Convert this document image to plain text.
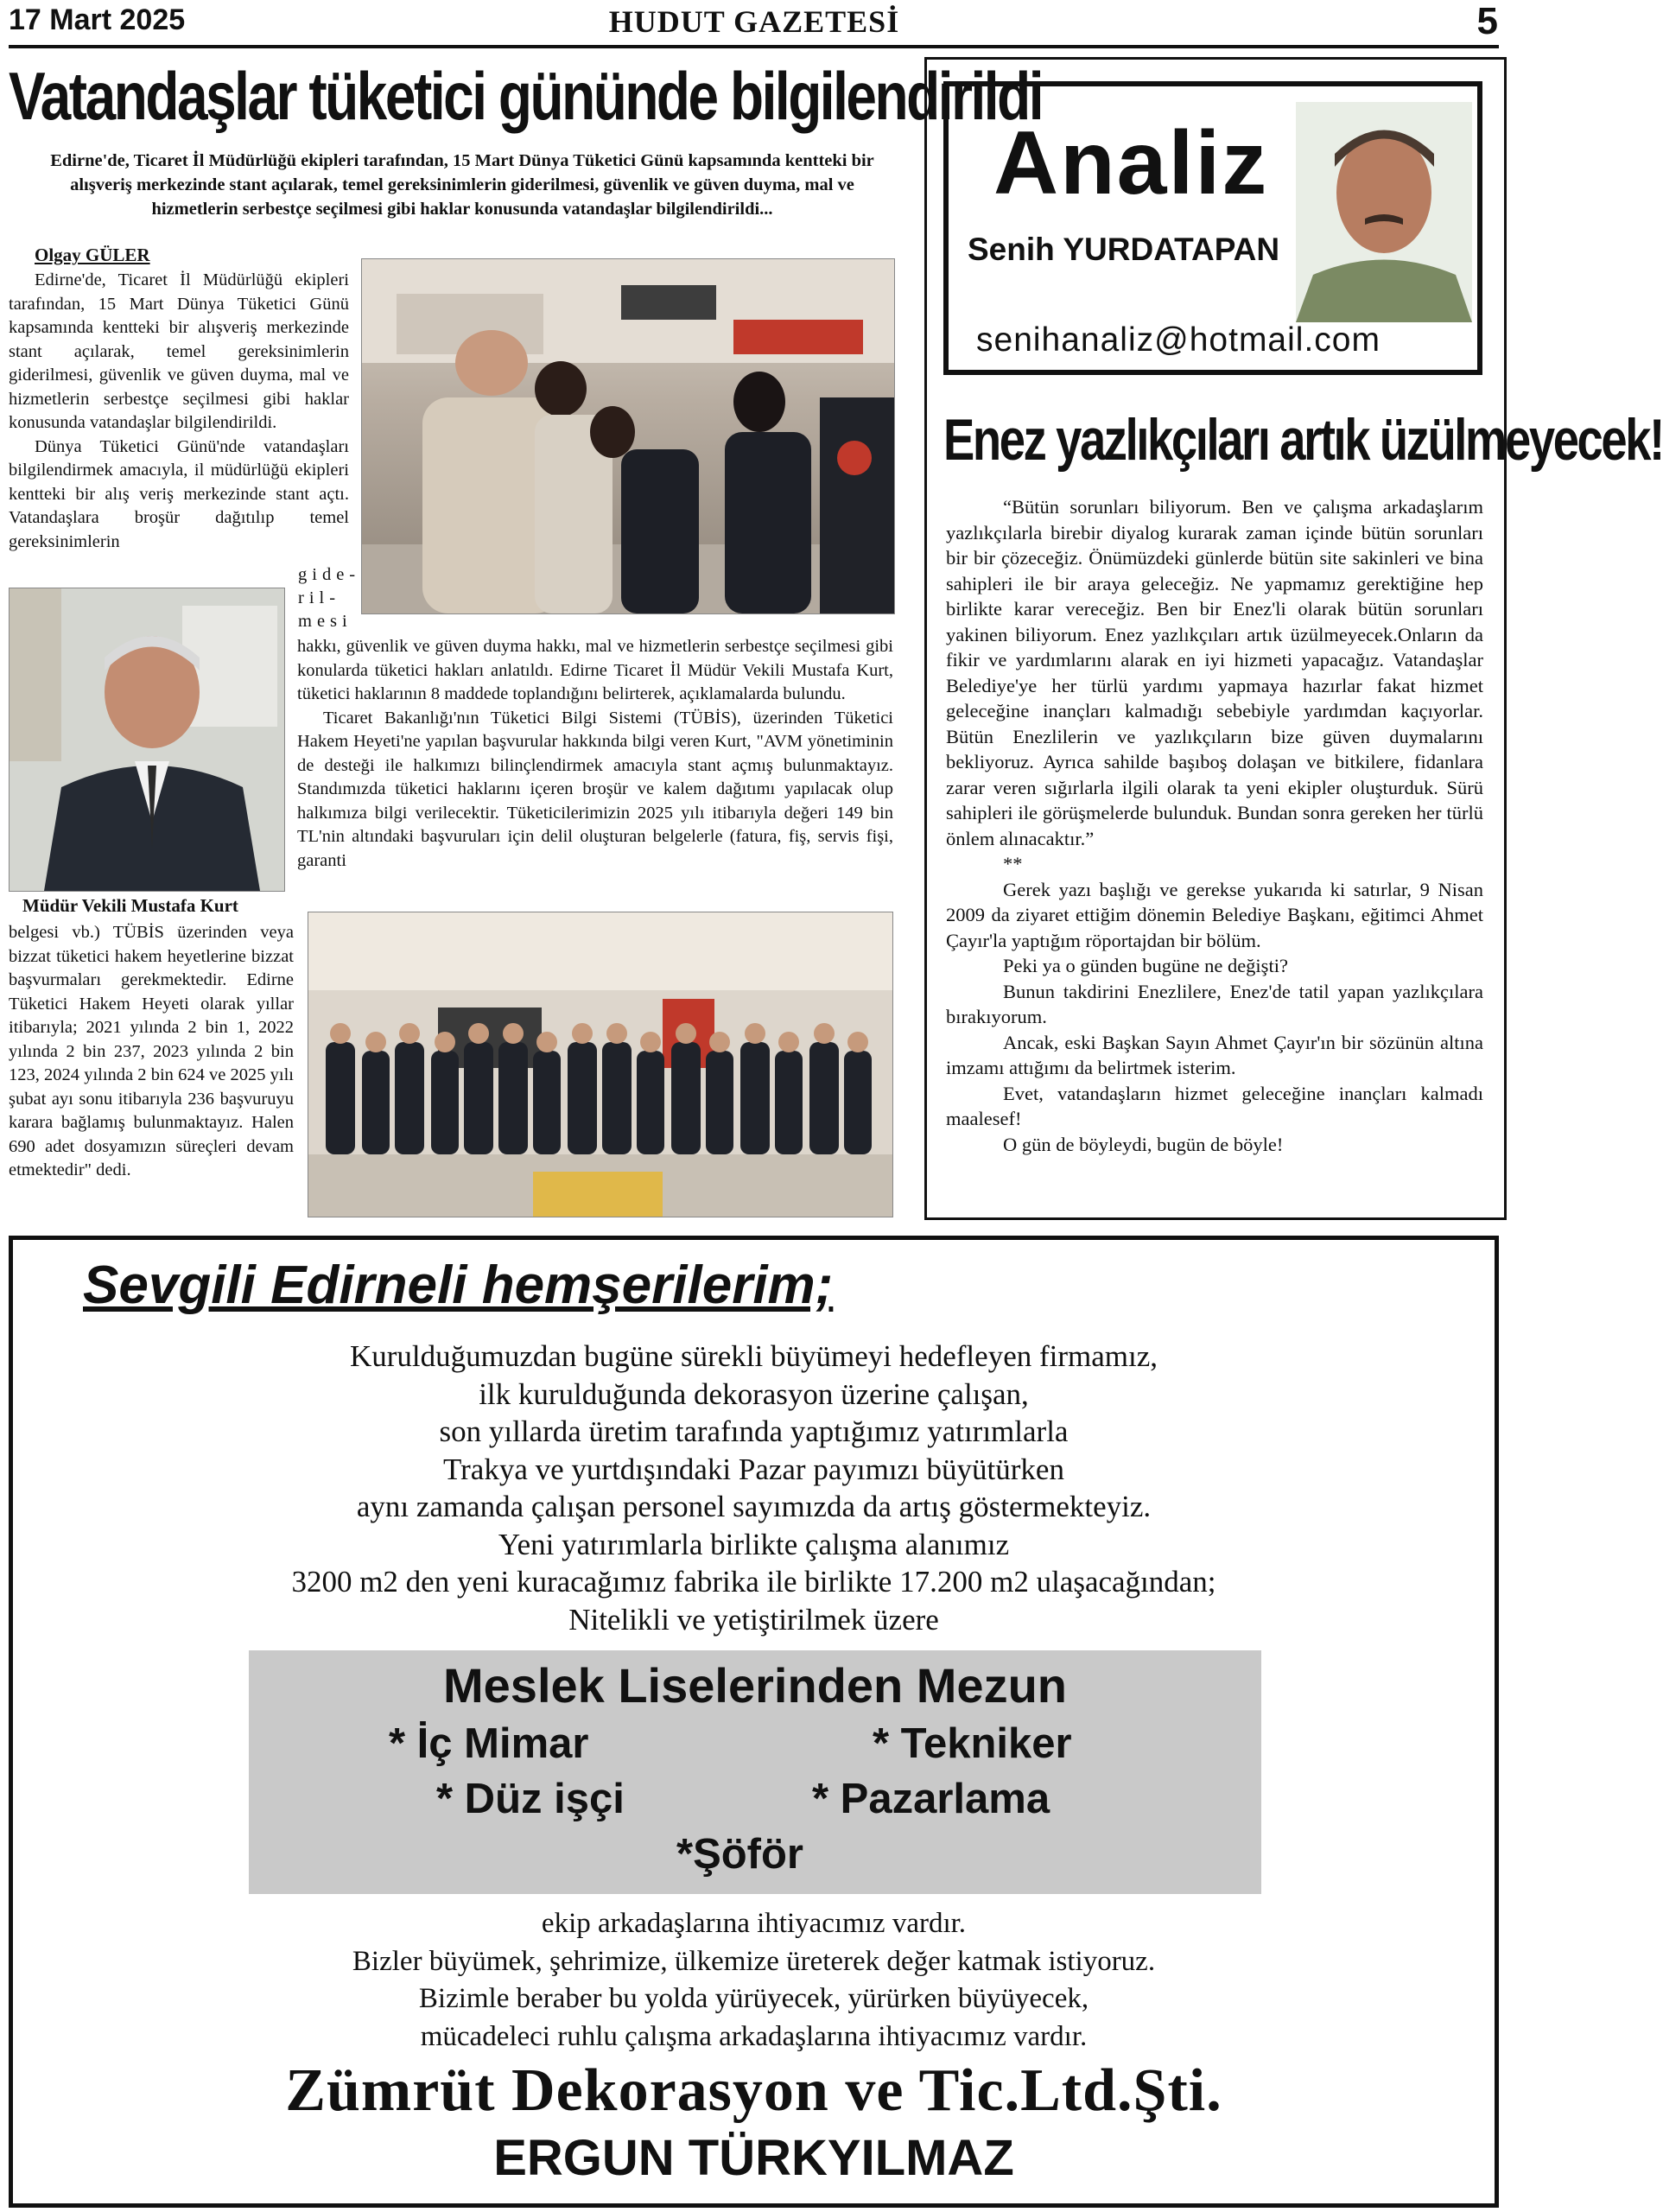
17 Mart 2025	HUDUT GAZETESİ	5
Vatandaşlar tüketici gününde bilgilendirildi
Edirne'de, Ticaret İl Müdürlüğü ekipleri tarafından, 15 Mart Dünya Tüketici Günü kapsamında kentteki bir alışveriş merkezinde stant açılarak, temel gereksinimlerin giderilmesi, güvenlik ve güven duyma, mal ve hizmetlerin serbestçe seçilmesi gibi haklar konusunda vatandaşlar bilgilendirildi...
Olgay GÜLER

Edirne'de, Ticaret İl Müdürlüğü ekipleri tarafından, 15 Mart Dünya Tüketici Günü kapsamında kentteki bir alışveriş merkezinde stant açılarak, temel gereksinimlerin giderilmesi, güvenlik ve güven duyma, mal ve hizmetlerin serbestçe seçilmesi gibi haklar konusunda vatandaşlar bilgilendirildi.

Dünya Tüketici Günü'nde vatandaşları bilgilendirmek amacıyla, il müdürlüğü ekipleri kentteki bir alış veriş merkezinde stant açtı. Vatandaşlara broşür dağıtılıp temel gereksinimlerin

gide- ril- mesi
Müdür Vekili Mustafa Kurt

hakkı, güvenlik ve güven duyma hakkı, mal ve hizmetlerin serbestçe seçilmesi gibi konularda tüketici hakları anlatıldı. Edirne Ticaret İl Müdür Vekili Mustafa Kurt, tüketici haklarının 8 maddede toplandığını belirterek, açıklamalarda bulundu.

Ticaret Bakanlığı'nın Tüketici Bilgi Sistemi (TÜBİS), üzerinden Tüketici Hakem Heyeti'ne yapılan başvurular hakkında bilgi veren Kurt, "AVM yönetiminin de desteği ile halkımızı bilinçlendirmek amacıyla stant açmış bulunmaktayız. Standımızda tüketici haklarını içeren broşür ve kalem dağıtımı yapılacak olup halkımıza bilgi verilecektir. Tüketicilerimizin 2025 yılı itibarıyla değeri 149 bin TL'nin altındaki başvuruları için delil oluşturan belgelerle (fatura, fiş, servis fişi, garanti

belgesi vb.) TÜBİS üzerinden veya bizzat tüketici hakem heyetlerine bizzat başvurmaları gerekmektedir. Edirne Tüketici Hakem Heyeti olarak yıllar itibarıyla; 2021 yılında 2 bin 1, 2022 yılında 2 bin 237, 2023 yılında 2 bin 123, 2024 yılında 2 bin 624 ve 2025 yılı şubat ayı sonu itibarıyla 236 başvuruyu karara bağlamış bulunmaktayız. Halen 690 adet dosyamızın süreçleri devam etmektedir" dedi.

Analiz
Senih YURDATAPAN
senihanaliz@hotmail.com
Enez yazlıkçıları artık üzülmeyecek!

“Bütün sorunları biliyorum. Ben ve çalışma arkadaşlarım yazlıkçılarla birebir diyalog kurarak zaman içinde bütün sorunları bir bir çözeceğiz. Önümüzdeki günlerde bütün site sakinleri ve bina sahipleri ile bir araya geleceğiz. Ne yapmamız gerektiğine hep birlikte karar vereceğiz. Ben bir Enez'li olarak bütün sorunları yakinen biliyorum. Enez yazlıkçıları artık üzülmeyecek.Onların da fikir ve yardımlarını alarak en iyi hizmeti yapacağız. Vatandaşlar Belediye'ye her türlü yardımı yapmaya hazırlar fakat hizmet geleceğine inançları kalmadığı sebebiyle yardımdan kaçıyorlar. Bütün Enezlilerin ve yazlıkçıların bize güven duymalarını bekliyoruz. Ayrıca sahilde başıboş dolaşan ve bitkilere, fidanlara zarar veren sığırlarla ilgili olarak ta yeni ekipler oluşturduk. Sürü sahipleri ile görüşmelerde bulunduk. Bundan sonra gereken her türlü önlem alınacaktır.”

**

Gerek yazı başlığı ve gerekse yukarıda ki satırlar, 9 Nisan 2009 da ziyaret ettiğim dönemin Belediye Başkanı, eğitimci Ahmet Çayır'la yaptığım röportajdan bir bölüm.

Peki ya o günden bugüne ne değişti?

Bunun takdirini Enezlilere, Enez'de tatil yapan yazlıkçılara bırakıyorum.

Ancak, eski Başkan Sayın Ahmet Çayır'ın bir sözünün altına imzamı attığımı da belirtmek isterim.

Evet, vatandaşların hizmet geleceğine inançları kalmadı maalesef!

O gün de böyleydi, bugün de böyle!

Sevgili Edirneli hemşerilerim;
Kurulduğumuzdan bugüne sürekli büyümeyi hedefleyen firmamız,
ilk kurulduğunda dekorasyon üzerine çalışan,
son yıllarda üretim tarafında yaptığımız yatırımlarla
Trakya ve yurtdışındaki Pazar payımızı büyütürken
aynı zamanda çalışan personel sayımızda da artış göstermekteyiz.
Yeni yatırımlarla birlikte çalışma alanımız
3200 m2 den yeni kuracağımız fabrika ile birlikte 17.200 m2 ulaşacağından;
Nitelikli ve yetiştirilmek üzere
Meslek Liselerinden Mezun
* İç Mimar	* Tekniker
* Düz işçi	* Pazarlama
*Şöför
ekip arkadaşlarına ihtiyacımız vardır.
Bizler büyümek, şehrimize, ülkemize üreterek değer katmak istiyoruz.
Bizimle beraber bu yolda yürüyecek, yürürken büyüyecek,
mücadeleci ruhlu çalışma arkadaşlarına ihtiyacımız vardır.
Zümrüt Dekorasyon ve Tic.Ltd.Şti.
ERGUN TÜRKYILMAZ
